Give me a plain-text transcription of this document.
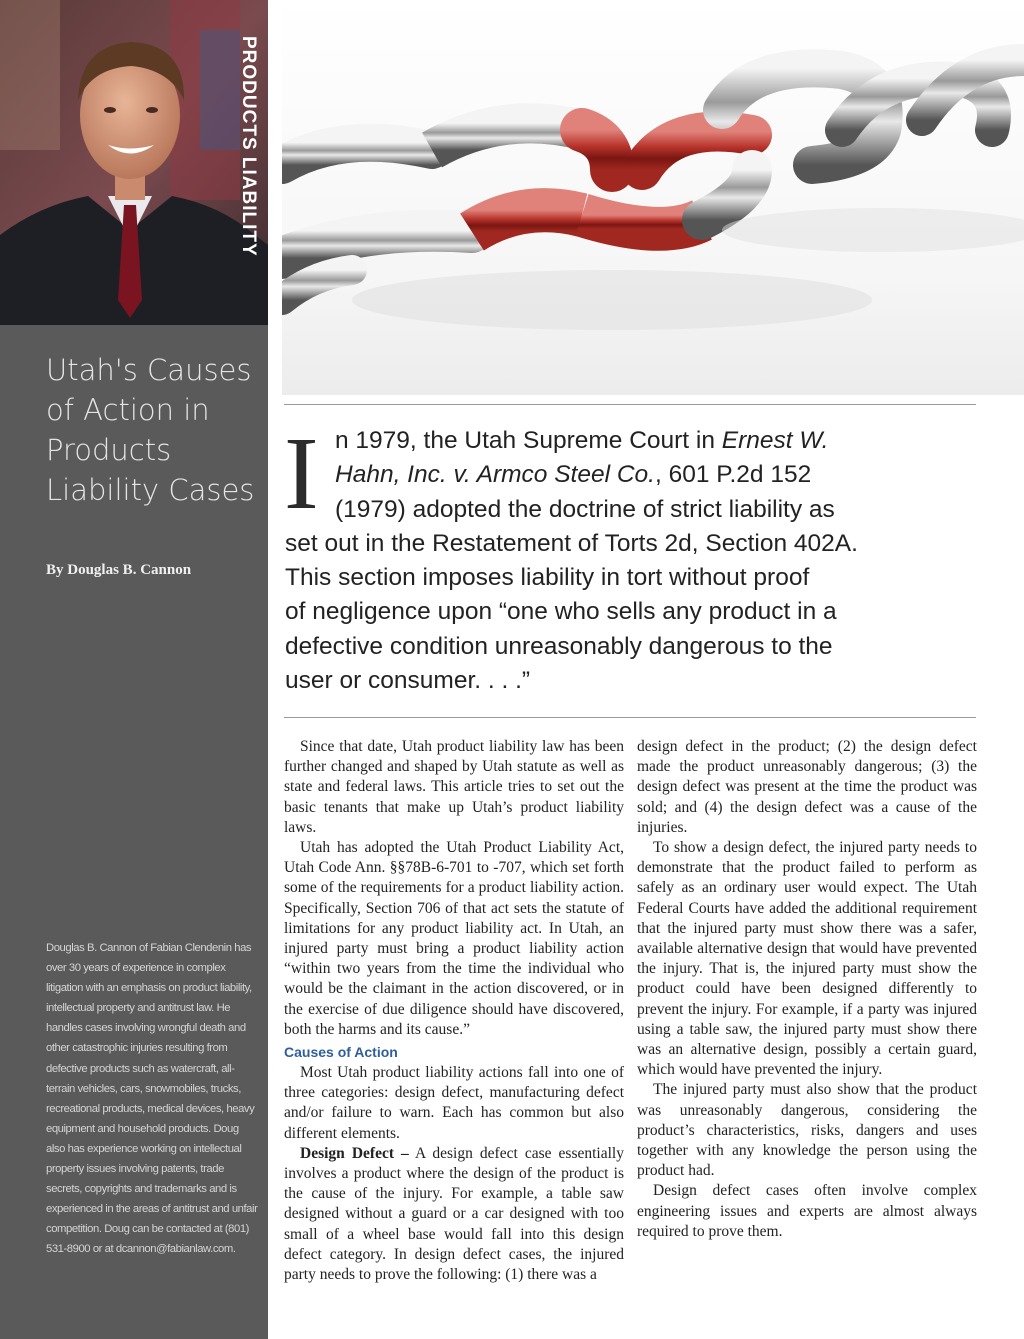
PRODUCTS LIABILITY
Utah's Causes of Action in Products Liability Cases
By Douglas B. Cannon
Douglas B. Cannon of Fabian Clendenin has over 30 years of experience in complex litigation with an emphasis on product liability, intellectual property and antitrust law. He handles cases involving wrongful death and other catastrophic injuries resulting from defective products such as watercraft, all-terrain vehicles, cars, snowmobiles, trucks, recreational products, medical devices, heavy equipment and household products. Doug also has experience working on intellectual property issues involving patents, trade secrets, copyrights and trademarks and is experienced in the areas of antitrust and unfair competition. Doug can be contacted at (801) 531-8900 or at dcannon@fabianlaw.com.
I n 1979, the Utah Supreme Court in Ernest W.
Hahn, Inc. v. Armco Steel Co., 601 P.2d 152
(1979) adopted the doctrine of strict liability as
set out in the Restatement of Torts 2d, Section 402A.
This section imposes liability in tort without proof
of negligence upon “one who sells any product in a
defective condition unreasonably dangerous to the
user or consumer. . . .”

Since that date, Utah product liability law has been further changed and shaped by Utah statute as well as state and federal laws. This article tries to set out the basic tenants that make up Utah’s product liability laws.

Utah has adopted the Utah Product Liability Act, Utah Code Ann. §§78B-6-701 to -707, which set forth some of the requirements for a product liability action. Specifically, Section 706 of that act sets the statute of limitations for any product liability act. In Utah, an injured party must bring a product liability action “within two years from the time the individual who would be the claimant in the action discovered, or in the exercise of due diligence should have discovered, both the harms and its cause.”

Causes of Action

Most Utah product liability actions fall into one of three categories: design defect, manufacturing defect and/or failure to warn. Each has common but also different elements.

Design Defect – A design defect case essentially involves a product where the design of the product is the cause of the injury. For example, a table saw designed without a guard or a car designed with too small of a wheel base would fall into this design defect category. In design defect cases, the injured party needs to prove the following: (1) there was a

design defect in the product; (2) the design defect made the product unreasonably dangerous; (3) the design defect was present at the time the product was sold; and (4) the design defect was a cause of the injuries.

To show a design defect, the injured party needs to demonstrate that the product failed to perform as safely as an ordinary user would expect. The Utah Federal Courts have added the additional requirement that the injured party must show there was a safer, available alternative design that would have prevented the injury. That is, the injured party must show the product could have been designed differently to prevent the injury. For example, if a party was injured using a table saw, the injured party must show there was an alternative design, possibly a certain guard, which would have prevented the injury.

The injured party must also show that the product was unreasonably dangerous, considering the product’s characteristics, risks, dangers and uses together with any knowledge the person using the product had.

Design defect cases often involve complex engineering issues and experts are almost always required to prove them.
